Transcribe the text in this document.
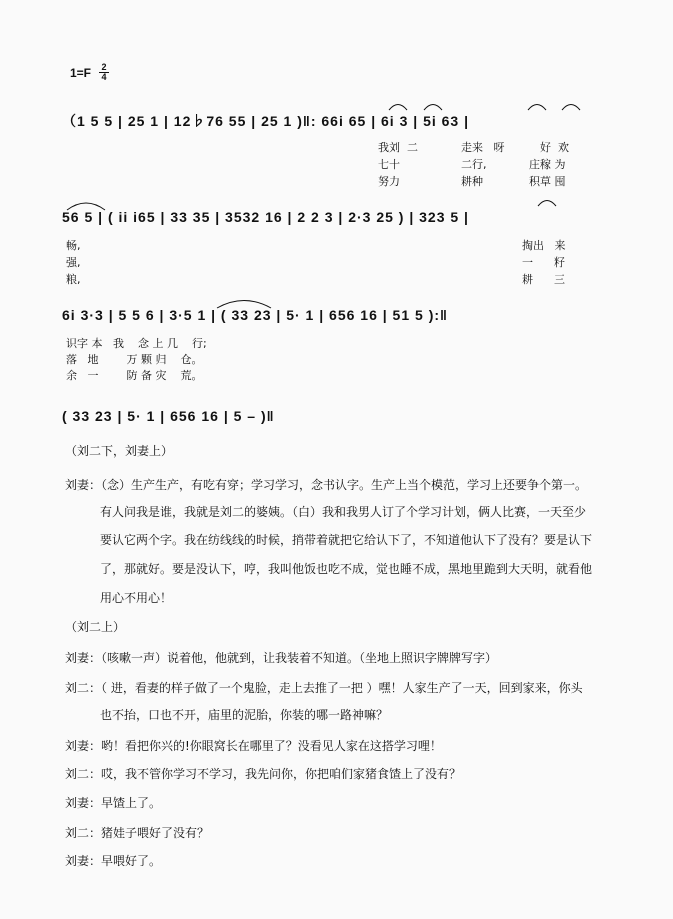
1=F 2
4
（1 5 5 | 25 1 | 12♭76 55 | 25 1 )‖: 66i 65 | 6i 3 | 5i 63 |
56 5 | ( ii i65 | 33 35 | 3532 16 | 2 2 3 | 2·3 25 ) | 323 5 |
6i 3·3 | 5 5 6 | 3·5 1 | ( 33 23 | 5· 1 | 656 16 | 51 5 ):‖
( 33 23 | 5· 1 | 656 16 | 5 – )‖
我刘  二	走来   呀	好  欢
七十	二行,	庄稼 为
努力	耕种	积草 囤
畅,	掏出   来
强,	一      籽
粮,	耕      三
识字 本   我    念 上 几    行;
落   地        万 颗 归    仓。
余   一        防 备 灾    荒。
（刘二下，刘妻上）
刘妻：（念）生产生产，有吃有穿；学习学习，念书认字。生产上当个模范，学习上还要争个第一。
有人问我是谁，我就是刘二的婆姨。（白）我和我男人订了个学习计划，俩人比赛，一天至少
要认它两个字。我在纺线线的时候，捎带着就把它给认下了，不知道他认下了没有？要是认下
了，那就好。要是没认下，哼，我叫他饭也吃不成，觉也睡不成，黑地里跪到大天明，就看他
用心不用心！
（刘二上）
刘妻：（咳嗽一声）说着他，他就到，让我装着不知道。（坐地上照识字牌牌写字）
刘二：（ 进，看妻的样子做了一个鬼脸，走上去推了一把 ）嘿！人家生产了一天，回到家来，你头
也不抬，口也不开，庙里的泥胎，你装的哪一路神嘛？
刘妻：哟！看把你兴的!你眼窝长在哪里了？没看见人家在这搭学习哩！
刘二：哎，我不管你学习不学习，我先问你，你把咱们家猪食馇上了没有？
刘妻：早馇上了。
刘二：猪娃子喂好了没有？
刘妻：早喂好了。
